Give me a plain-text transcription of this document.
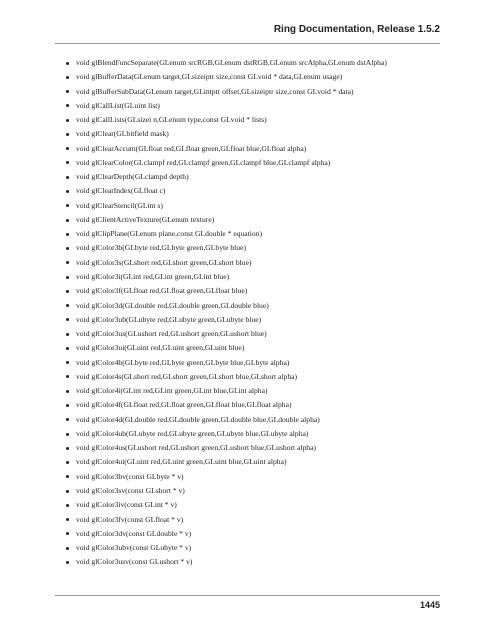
Ring Documentation, Release 1.5.2
void glBlendFuncSeparate(GLenum srcRGB,GLenum dstRGB,GLenum srcAlpha,GLenum dstAlpha)
void glBufferData(GLenum target,GLsizeiptr size,const GLvoid * data,GLenum usage)
void glBufferSubData(GLenum target,GLintptr offset,GLsizeiptr size,const GLvoid * data)
void glCallList(GLuint list)
void glCallLists(GLsizei n,GLenum type,const GLvoid * lists)
void glClear(GLbitfield mask)
void glClearAccum(GLfloat red,GLfloat green,GLfloat blue,GLfloat alpha)
void glClearColor(GLclampf red,GLclampf green,GLclampf blue,GLclampf alpha)
void glClearDepth(GLclampd depth)
void glClearIndex(GLfloat c)
void glClearStencil(GLint s)
void glClientActiveTexture(GLenum texture)
void glClipPlane(GLenum plane,const GLdouble * equation)
void glColor3b(GLbyte red,GLbyte green,GLbyte blue)
void glColor3s(GLshort red,GLshort green,GLshort blue)
void glColor3i(GLint red,GLint green,GLint blue)
void glColor3f(GLfloat red,GLfloat green,GLfloat blue)
void glColor3d(GLdouble red,GLdouble green,GLdouble blue)
void glColor3ub(GLubyte red,GLubyte green,GLubyte blue)
void glColor3us(GLushort red,GLushort green,GLushort blue)
void glColor3ui(GLuint red,GLuint green,GLuint blue)
void glColor4b(GLbyte red,GLbyte green,GLbyte blue,GLbyte alpha)
void glColor4s(GLshort red,GLshort green,GLshort blue,GLshort alpha)
void glColor4i(GLint red,GLint green,GLint blue,GLint alpha)
void glColor4f(GLfloat red,GLfloat green,GLfloat blue,GLfloat alpha)
void glColor4d(GLdouble red,GLdouble green,GLdouble blue,GLdouble alpha)
void glColor4ub(GLubyte red,GLubyte green,GLubyte blue,GLubyte alpha)
void glColor4us(GLushort red,GLushort green,GLushort blue,GLushort alpha)
void glColor4ui(GLuint red,GLuint green,GLuint blue,GLuint alpha)
void glColor3bv(const GLbyte * v)
void glColor3sv(const GLshort * v)
void glColor3iv(const GLint * v)
void glColor3fv(const GLfloat * v)
void glColor3dv(const GLdouble * v)
void glColor3ubv(const GLubyte * v)
void glColor3usv(const GLushort * v)
1445
